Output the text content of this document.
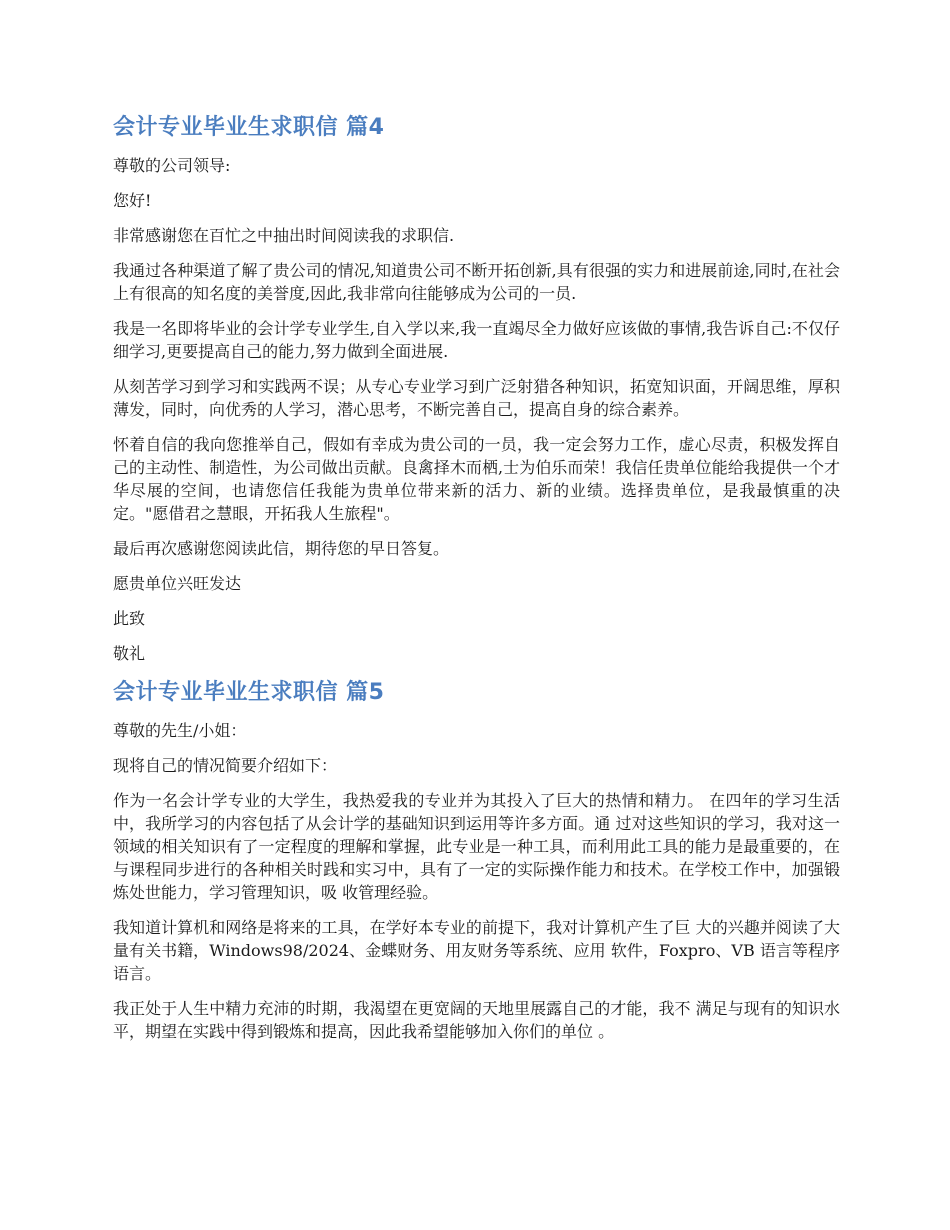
会计专业毕业生求职信 篇4

尊敬的公司领导:

您好!

非常感谢您在百忙之中抽出时间阅读我的求职信.

我通过各种渠道了解了贵公司的情况,知道贵公司不断开拓创新,具有很强的实力和进展前途,同时,在社会上有很高的知名度的美誉度,因此,我非常向往能够成为公司的一员.

我是一名即将毕业的会计学专业学生,自入学以来,我一直竭尽全力做好应该做的事情,我告诉自己:不仅仔细学习,更要提高自己的能力,努力做到全面进展.

从刻苦学习到学习和实践两不误；从专心专业学习到广泛射猎各种知识，拓宽知识面，开阔思维，厚积薄发，同时，向优秀的人学习，潜心思考，不断完善自己，提高自身的综合素养。

怀着自信的我向您推举自己，假如有幸成为贵公司的一员，我一定会努力工作，虚心尽责，积极发挥自己的主动性、制造性，为公司做出贡献。良禽择木而栖,士为伯乐而荣！我信任贵单位能给我提供一个才华尽展的空间，也请您信任我能为贵单位带来新的活力、新的业绩。选择贵单位，是我最慎重的决定。"愿借君之慧眼，开拓我人生旅程"。

最后再次感谢您阅读此信，期待您的早日答复。

愿贵单位兴旺发达

此致

敬礼

会计专业毕业生求职信 篇5

尊敬的先生/小姐：

现将自己的情况简要介绍如下：

作为一名会计学专业的大学生，我热爱我的专业并为其投入了巨大的热情和精力。 在四年的学习生活中，我所学习的内容包括了从会计学的基础知识到运用等许多方面。通 过对这些知识的学习，我对这一领域的相关知识有了一定程度的理解和掌握，此专业是一种工具，而利用此工具的能力是最重要的，在与课程同步进行的各种相关时践和实习中，具有了一定的实际操作能力和技术。在学校工作中，加强锻炼处世能力，学习管理知识，吸 收管理经验。

我知道计算机和网络是将来的工具，在学好本专业的前提下，我对计算机产生了巨 大的兴趣并阅读了大量有关书籍，Windows98/2024、金蝶财务、用友财务等系统、应用 软件，Foxpro、VB 语言等程序语言。

我正处于人生中精力充沛的时期，我渴望在更宽阔的天地里展露自己的才能，我不 满足与现有的知识水平，期望在实践中得到锻炼和提高，因此我希望能够加入你们的单位 。
